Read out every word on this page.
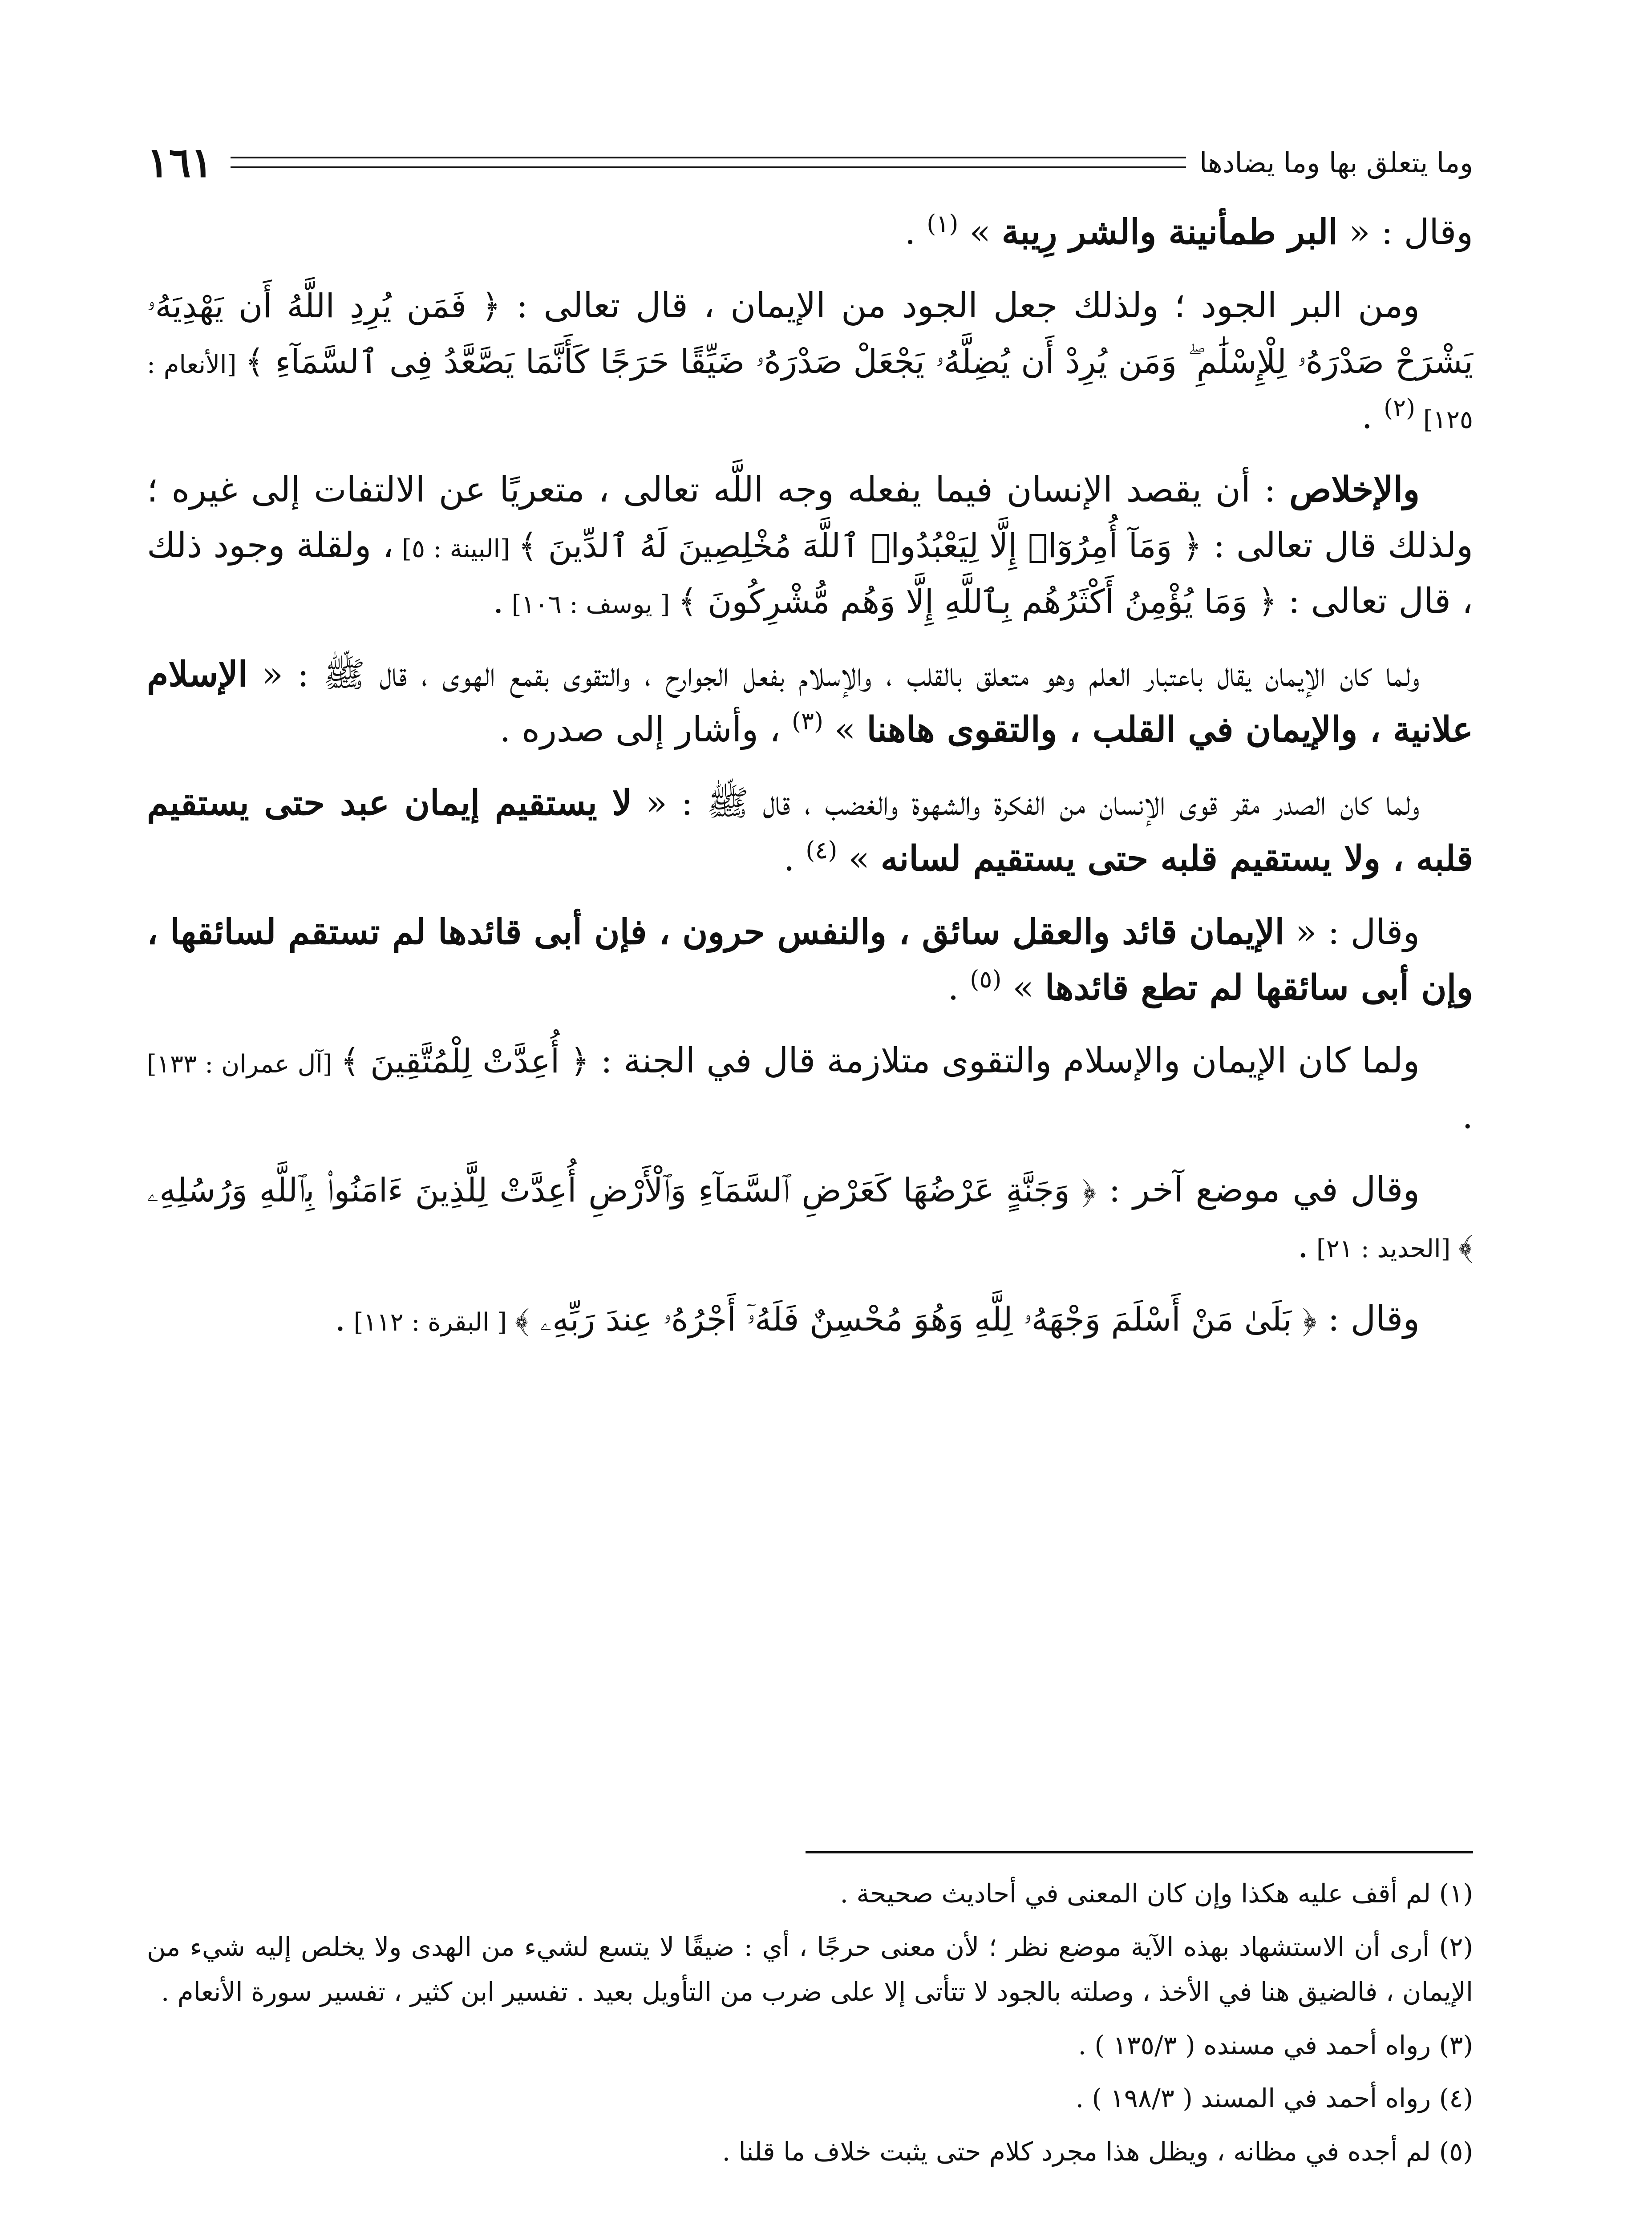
وما يتعلق بها وما يضادها
١٦١

وقال : « البر طمأنينة والشر رِيبة » $^{(١)}$ .

ومن البر الجود ؛ ولذلك جعل الجود من الإيمان ، قال تعالى : ﴿ فَمَن يُرِدِ اللَّهُ أَن يَهْدِيَهُۥ يَشْرَحْ صَدْرَهُۥ لِلْإِسْلَٰمِ ۖ وَمَن يُرِدْ أَن يُضِلَّهُۥ يَجْعَلْ صَدْرَهُۥ ضَيِّقًا حَرَجًا كَأَنَّمَا يَصَّعَّدُ فِى ٱلسَّمَآءِ ﴾ [الأنعام : ١٢٥] $^{(٢)}$ .

والإخلاص : أن يقصد الإنسان فيما يفعله وجه اللَّه تعالى ، متعريًا عن الالتفات إلى غيره ؛ ولذلك قال تعالى : ﴿ وَمَآ أُمِرُوٓا۟ إِلَّا لِيَعْبُدُوا۟ ٱللَّهَ مُخْلِصِينَ لَهُ ٱلدِّينَ ﴾ [البينة : ٥] ، ولقلة وجود ذلك ، قال تعالى : ﴿ وَمَا يُؤْمِنُ أَكْثَرُهُم بِٱللَّهِ إِلَّا وَهُم مُّشْرِكُونَ ﴾ [ يوسف : ١٠٦] .

ولما كان الإيمان يقال باعتبار العلم وهو متعلق بالقلب ، والإسلام بفعل الجوارح ، والتقوى بقمع الهوى ، قال ﷺ : « الإسلام علانية ، والإيمان في القلب ، والتقوى هاهنا » $^{(٣)}$ ، وأشار إلى صدره .

ولما كان الصدر مقر قوى الإنسان من الفكرة والشهوة والغضب ، قال ﷺ : « لا يستقيم إيمان عبد حتى يستقيم قلبه ، ولا يستقيم قلبه حتى يستقيم لسانه » $^{(٤)}$ .

وقال : « الإيمان قائد والعقل سائق ، والنفس حرون ، فإن أبى قائدها لم تستقم لسائقها ، وإن أبى سائقها لم تطع قائدها » $^{(٥)}$ .

ولما كان الإيمان والإسلام والتقوى متلازمة قال في الجنة : ﴿ أُعِدَّتْ لِلْمُتَّقِينَ ﴾ [آل عمران : ١٣٣] .

وقال في موضع آخر : ﴿ وَجَنَّةٍ عَرْضُهَا كَعَرْضِ ٱلسَّمَآءِ وَٱلْأَرْضِ أُعِدَّتْ لِلَّذِينَ ءَامَنُوا۟ بِٱللَّهِ وَرُسُلِهِۦ ﴾ [الحديد : ٢١] .

وقال : ﴿ بَلَىٰ مَنْ أَسْلَمَ وَجْهَهُۥ لِلَّهِ وَهُوَ مُحْسِنٌ فَلَهُۥٓ أَجْرُهُۥ عِندَ رَبِّهِۦ ﴾ [ البقرة : ١١٢] .

(١) لم أقف عليه هكذا وإن كان المعنى في أحاديث صحيحة .

(٢) أرى أن الاستشهاد بهذه الآية موضع نظر ؛ لأن معنى حرجًا ، أي : ضيقًا لا يتسع لشيء من الهدى ولا يخلص إليه شيء من الإيمان ، فالضيق هنا في الأخذ ، وصلته بالجود لا تتأتى إلا على ضرب من التأويل بعيد . تفسير ابن كثير ، تفسير سورة الأنعام .

(٣) رواه أحمد في مسنده ( ١٣٥/٣ ) .

(٤) رواه أحمد في المسند ( ١٩٨/٣ ) .

(٥) لم أجده في مظانه ، ويظل هذا مجرد كلام حتى يثبت خلاف ما قلنا .
